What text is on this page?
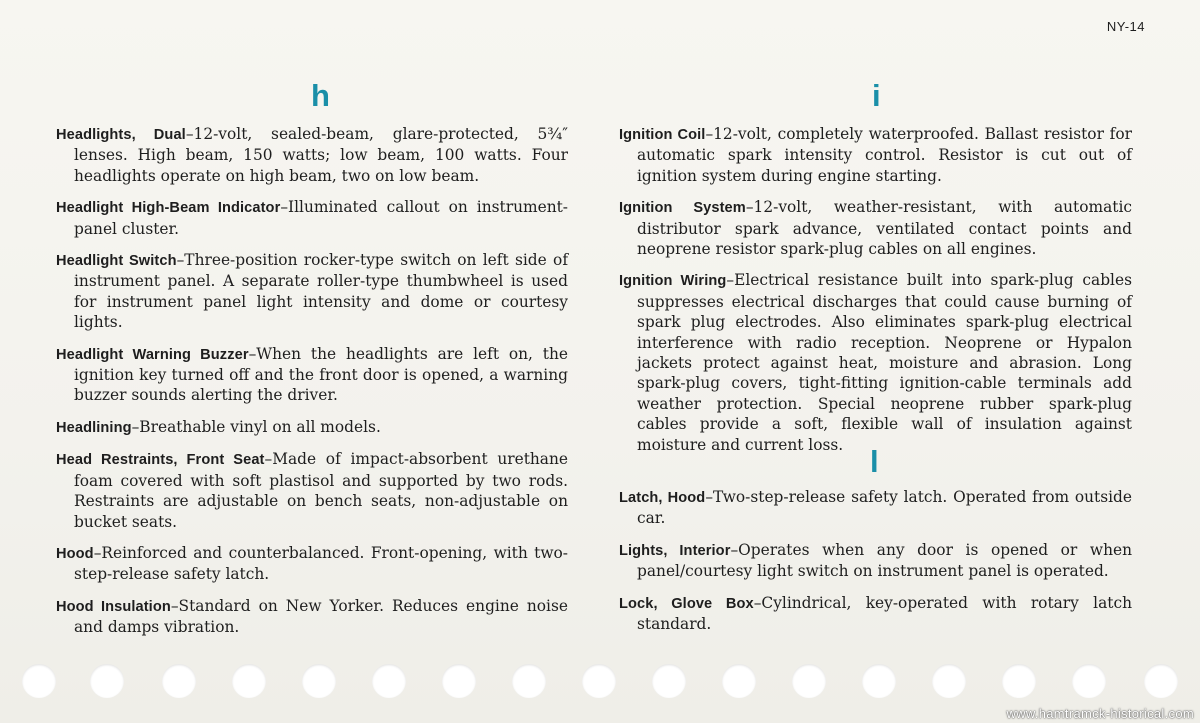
NY-14
h	i
l

Headlights, Dual–12-volt, sealed-beam, glare-protected, 5¾″ lenses. High beam, 150 watts; low beam, 100 watts. Four headlights operate on high beam, two on low beam.

Headlight High-Beam Indicator–Illuminated callout on instrument-panel cluster.

Headlight Switch–Three-position rocker-type switch on left side of instrument panel. A separate roller-type thumbwheel is used for instrument panel light intensity and dome or courtesy lights.

Headlight Warning Buzzer–When the headlights are left on, the ignition key turned off and the front door is opened, a warning buzzer sounds alerting the driver.

Headlining–Breathable vinyl on all models.

Head Restraints, Front Seat–Made of impact-absorbent urethane foam covered with soft plastisol and supported by two rods. Restraints are adjustable on bench seats, non-adjustable on bucket seats.

Hood–Reinforced and counterbalanced. Front-opening, with two-step-release safety latch.

Hood Insulation–Standard on New Yorker. Reduces engine noise and damps vibration.

Ignition Coil–12-volt, completely waterproofed. Ballast resistor for automatic spark intensity control. Resistor is cut out of ignition system during engine starting.

Ignition System–12-volt, weather-resistant, with automatic distributor spark advance, ventilated contact points and neoprene resistor spark-plug cables on all engines.

Ignition Wiring–Electrical resistance built into spark-plug cables suppresses electrical discharges that could cause burning of spark plug electrodes. Also eliminates spark-plug electrical interference with radio reception. Neoprene or Hypalon jackets protect against heat, moisture and abrasion. Long spark-plug covers, tight-fitting ignition-cable terminals add weather protection. Special neoprene rubber spark-plug cables provide a soft, flexible wall of insulation against moisture and current loss.

Latch, Hood–Two-step-release safety latch. Operated from outside car.

Lights, Interior–Operates when any door is opened or when panel/courtesy light switch on instrument panel is operated.

Lock, Glove Box–Cylindrical, key-operated with rotary latch standard.

www.hamtramck-historical.com
